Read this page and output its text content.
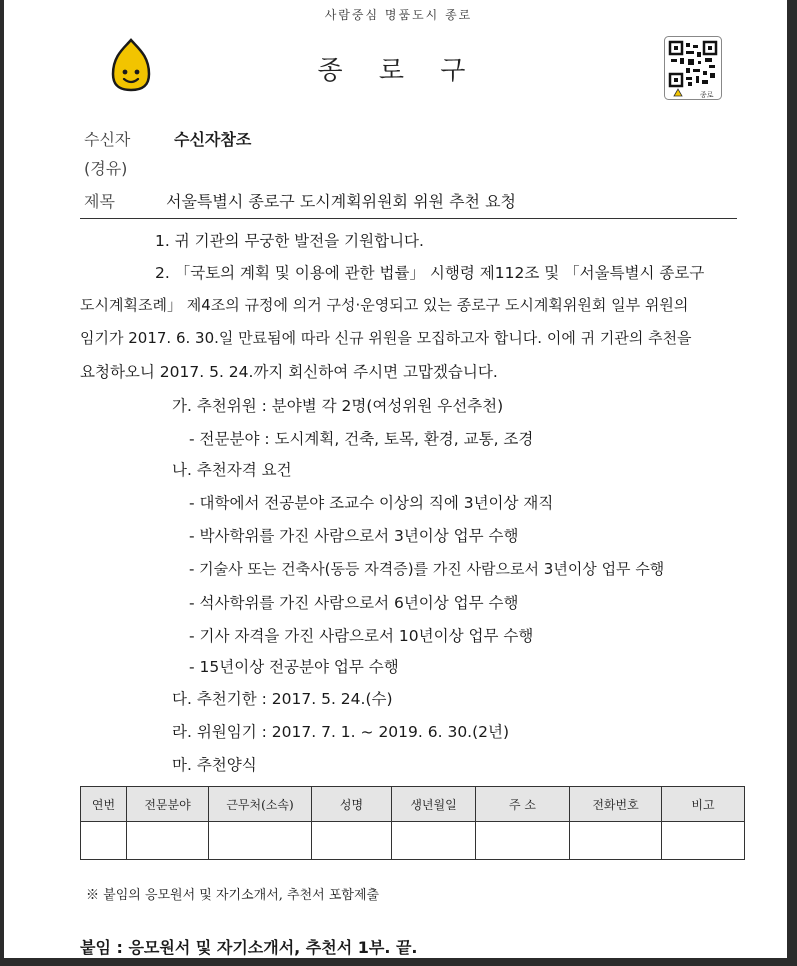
사람중심 명품도시 종로
종 로 구
종로
수신자	수신자참조
(경유)
제목	서울특별시 종로구 도시계획위원회 위원 추천 요청
1. 귀 기관의 무궁한 발전을 기원합니다.
2. 「국토의 계획 및 이용에 관한 법률」 시행령 제112조 및 「서울특별시 종로구
도시계획조례」 제4조의 규정에 의거 구성·운영되고 있는 종로구 도시계획위원회 일부 위원의
임기가 2017. 6. 30.일 만료됨에 따라 신규 위원을 모집하고자 합니다. 이에 귀 기관의 추천을
요청하오니 2017. 5. 24.까지 회신하여 주시면 고맙겠습니다.
가. 추천위원 : 분야별 각 2명(여성위원 우선추천)
- 전문분야 : 도시계획, 건축, 토목, 환경, 교통, 조경
나. 추천자격 요건
- 대학에서 전공분야 조교수 이상의 직에 3년이상 재직
- 박사학위를 가진 사람으로서 3년이상 업무 수행
- 기술사 또는 건축사(동등 자격증)를 가진 사람으로서 3년이상 업무 수행
- 석사학위를 가진 사람으로서 6년이상 업무 수행
- 기사 자격을 가진 사람으로서 10년이상 업무 수행
- 15년이상 전공분야 업무 수행
다. 추천기한 : 2017. 5. 24.(수)
라. 위원임기 : 2017. 7. 1. ~ 2019. 6. 30.(2년)
마. 추천양식
연번	전문분야	근무처(소속)	성명	생년월일	주 소	전화번호	비고

※ 붙임의 응모원서 및 자기소개서, 추천서 포함제출
붙임 : 응모원서 및 자기소개서, 추천서 1부. 끝.
